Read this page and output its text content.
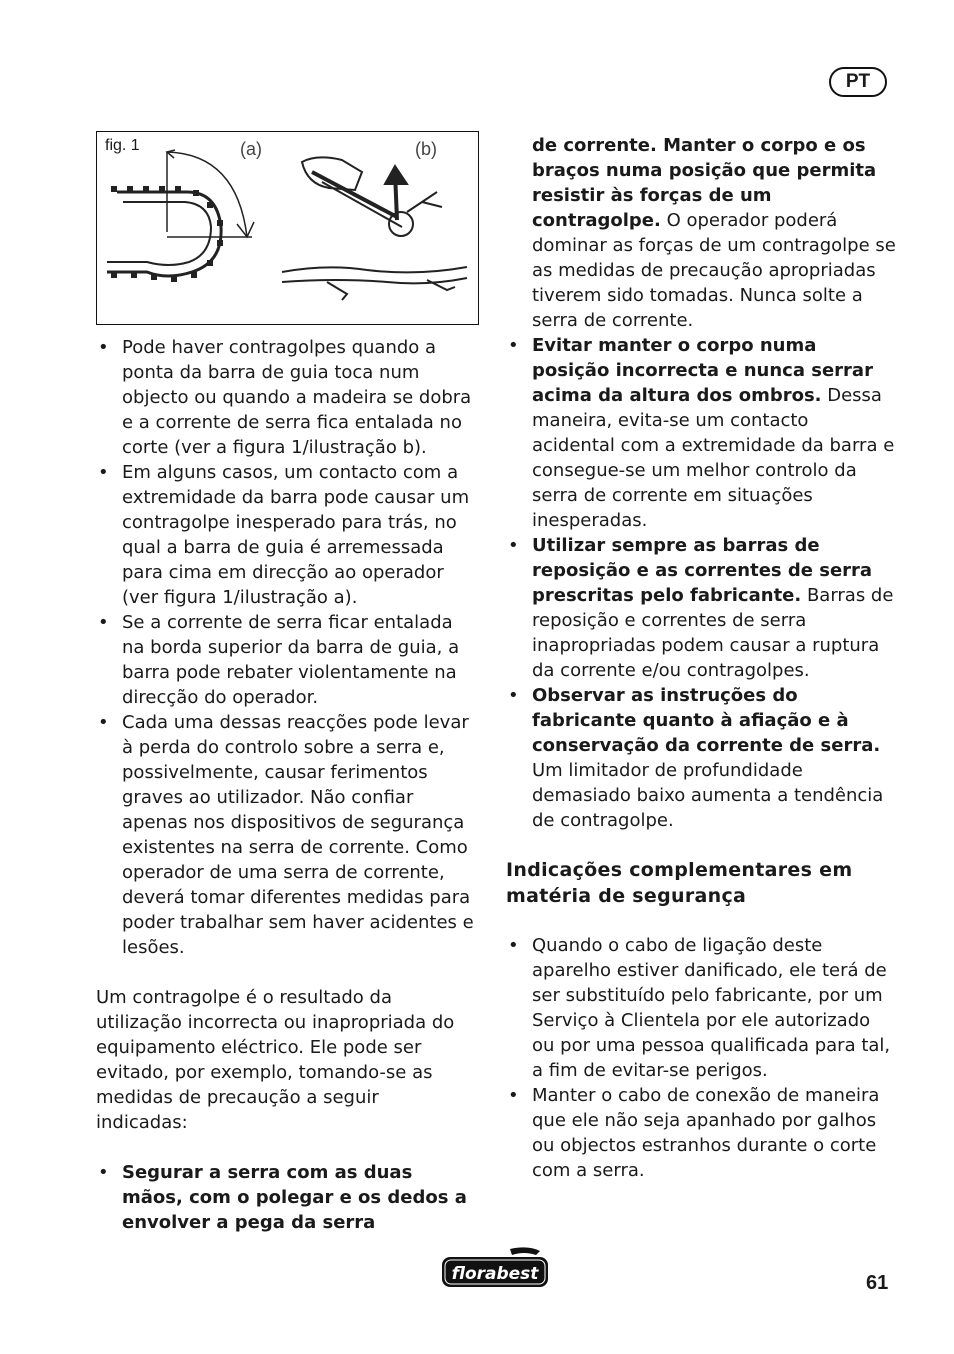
PT
fig. 1	(a)	(b)
• Pode haver contragolpes quando a ponta da barra de guia toca num objecto ou quando a madeira se dobra e a corrente de serra fica entalada no corte (ver a figura 1/ilustração b).
• Em alguns casos, um contacto com a extremidade da barra pode causar um contragolpe inesperado para trás, no qual a barra de guia é arremessada para cima em direcção ao operador (ver figura 1/ilustração a).
• Se a corrente de serra ficar entalada na borda superior da barra de guia, a barra pode rebater violentamente na direcção do operador.
• Cada uma dessas reacções pode levar à perda do controlo sobre a serra e, possivelmente, causar ferimentos graves ao utilizador. Não confiar apenas nos dispositivos de segurança existentes na serra de corrente. Como operador de uma serra de corrente, deverá tomar diferentes medidas para poder trabalhar sem haver acidentes e lesões.

Um contragolpe é o resultado da utilização incorrecta ou inapropriada do equipamento eléctrico. Ele pode ser evitado, por exemplo, tomando-se as medidas de precaução a seguir indicadas:

• Segurar a serra com as duas mãos, com o polegar e os dedos a envolver a pega da serra

de corrente. Manter o corpo e os braços numa posição que permita resistir às forças de um contragolpe. O operador poderá dominar as forças de um contragolpe se as medidas de precaução apropriadas tiverem sido tomadas. Nunca solte a serra de corrente.

• Evitar manter o corpo numa posição incorrecta e nunca serrar acima da altura dos ombros. Dessa maneira, evita-se um contacto acidental com a extremidade da barra e consegue-se um melhor controlo da serra de corrente em situações inesperadas.
• Utilizar sempre as barras de reposição e as correntes de serra prescritas pelo fabricante. Barras de reposição e correntes de serra inapropriadas podem causar a ruptura da corrente e/ou contragolpes.
• Observar as instruções do fabricante quanto à afiação e à conservação da corrente de serra. Um limitador de profundidade demasiado baixo aumenta a tendência de contragolpe.
Indicações complementares em matéria de segurança
• Quando o cabo de ligação deste aparelho estiver danificado, ele terá de ser substituído pelo fabricante, por um Serviço à Clientela por ele autorizado ou por uma pessoa qualificada para tal, a fim de evitar-se perigos.
• Manter o cabo de conexão de maneira que ele não seja apanhado por galhos ou objectos estranhos durante o corte com a serra.
florabest	61
